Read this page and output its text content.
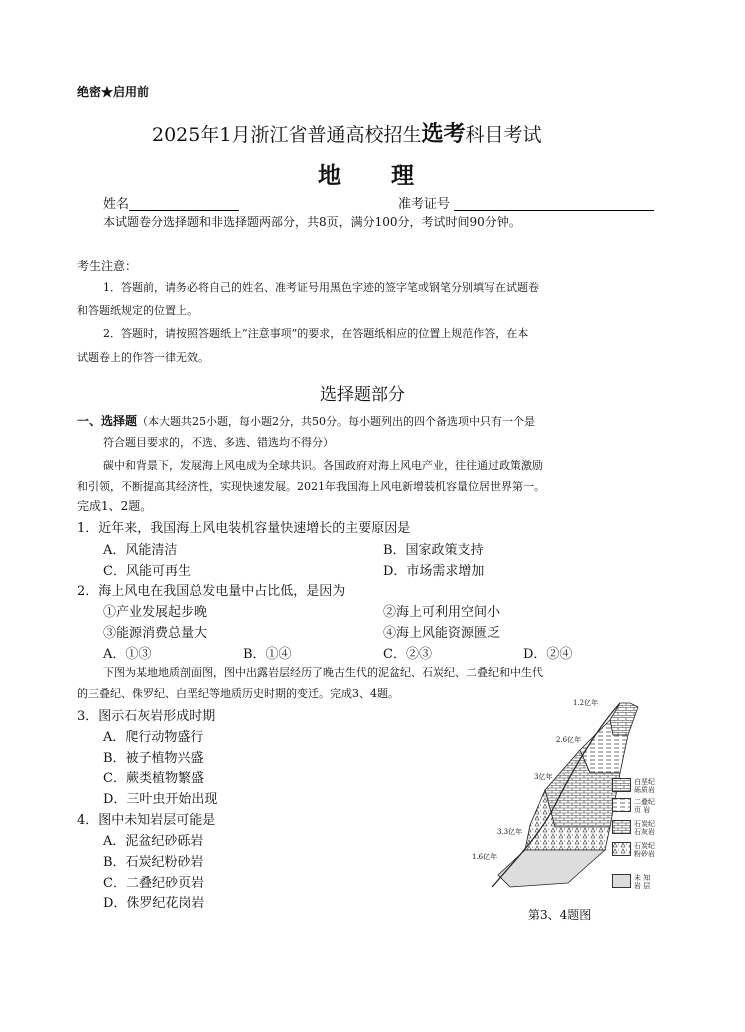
绝密★启用前
2025年1月浙江省普通高校招生选考科目考试
地理
姓名	准考证号
本试题卷分选择题和非选择题两部分，共8页，满分100分，考试时间90分钟。
考生注意：
1．答题前，请务必将自己的姓名、准考证号用黑色字迹的签字笔或钢笔分别填写在试题卷
和答题纸规定的位置上。
2．答题时，请按照答题纸上“注意事项”的要求，在答题纸相应的位置上规范作答，在本
试题卷上的作答一律无效。
选择题部分
一、选择题（本大题共25小题，每小题2分，共50分。每小题列出的四个备选项中只有一个是
符合题目要求的，不选、多选、错选均不得分）
碳中和背景下，发展海上风电成为全球共识。各国政府对海上风电产业，往往通过政策激励
和引领，不断提高其经济性，实现快速发展。2021年我国海上风电新增装机容量位居世界第一。
完成1、2题。
1．近年来，我国海上风电装机容量快速增长的主要原因是
A．风能清洁	B．国家政策支持
C．风能可再生	D．市场需求增加
2．海上风电在我国总发电量中占比低，是因为
①产业发展起步晚	②海上可利用空间小
③能源消费总量大	④海上风能资源匮乏
A．①③	B．①④	C．②③	D．②④
下图为某地地质剖面图，图中出露岩层经历了晚古生代的泥盆纪、石炭纪、二叠纪和中生代
的三叠纪、侏罗纪、白垩纪等地质历史时期的变迁。完成3、4题。
3．图示石灰岩形成时期
A．爬行动物盛行
B．被子植物兴盛
C．蕨类植物繁盛
D．三叶虫开始出现
4．图中未知岩层可能是
A．泥盆纪砂砾岩
B．石炭纪粉砂岩
C．二叠纪砂页岩
D．侏罗纪花岗岩
1.2亿年
2.6亿年
3亿年
3.3亿年
1.6亿年
白垩纪
砾质岩
二叠纪
页 岩
石炭纪
石灰岩
石炭纪
粉砂岩
未 知
岩 层
第3、4题图
